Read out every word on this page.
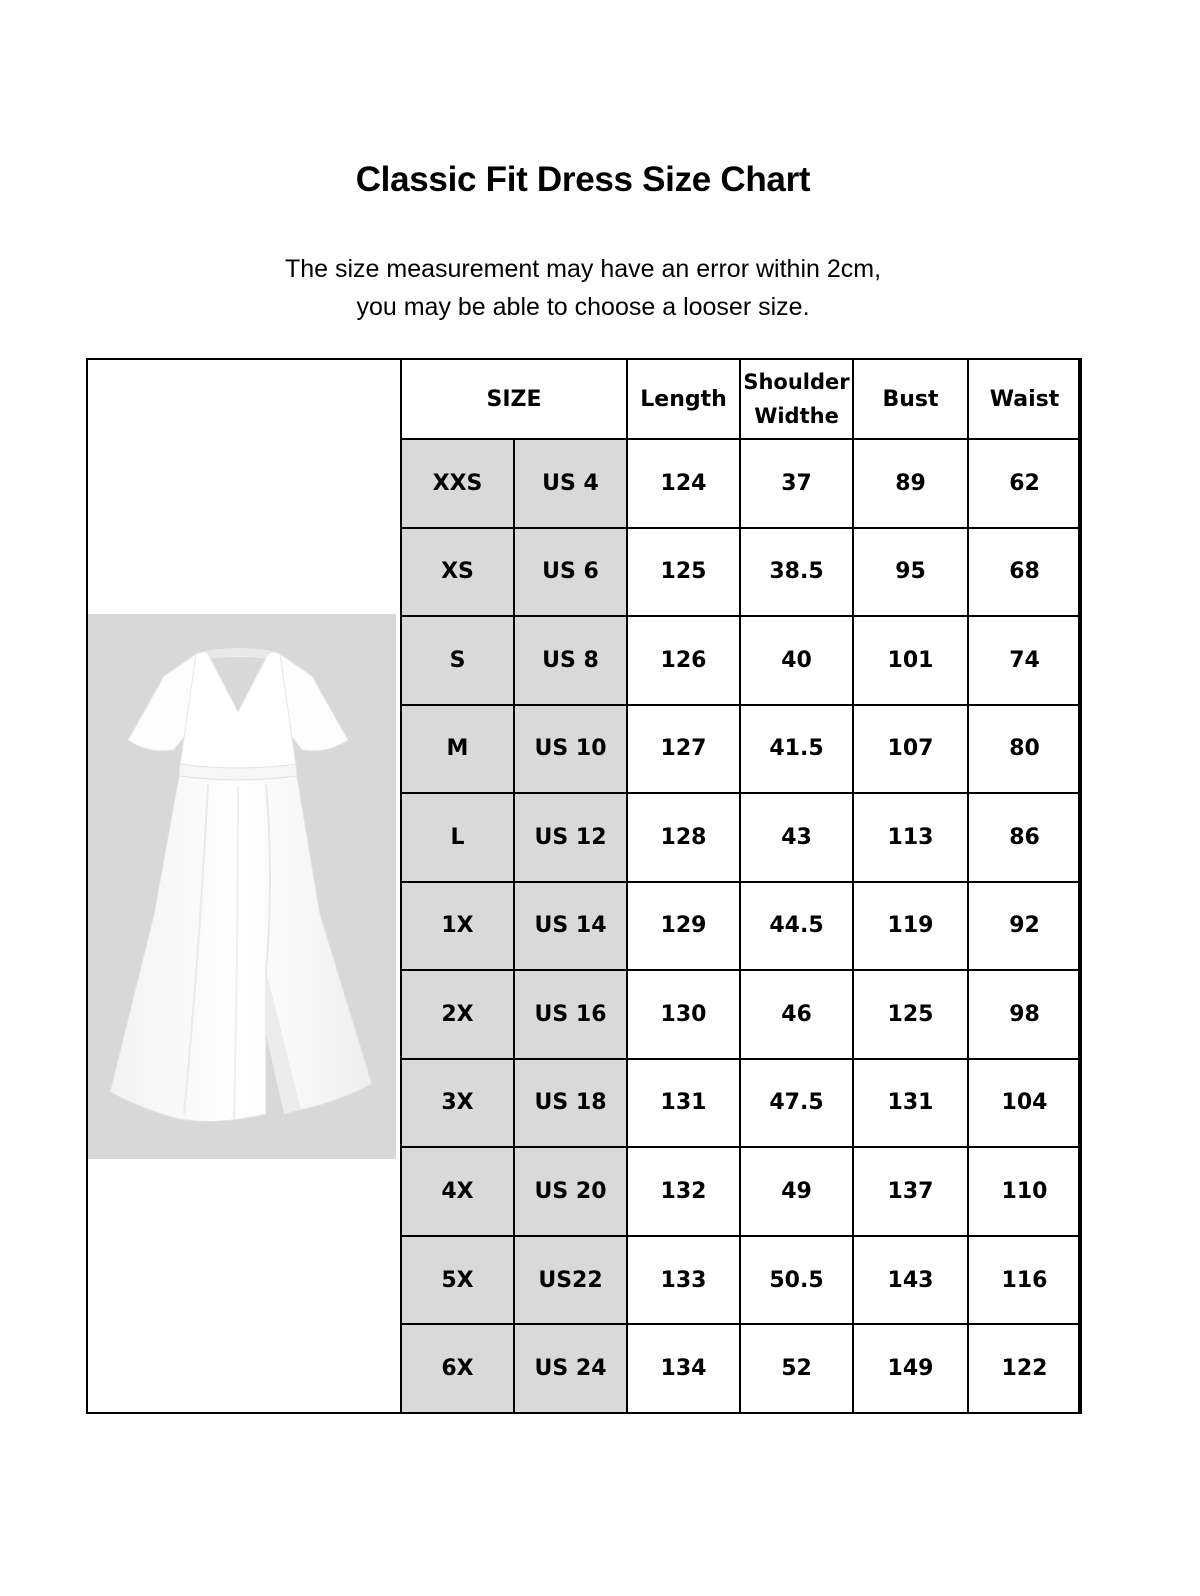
Classic Fit Dress Size Chart
The size measurement may have an error within 2cm,
you may be able to choose a looser size.
SIZE		Length	Shoulder
Widthe	Bust	Waist
XXS	US 4	124	37	89	62
XS	US 6	125	38.5	95	68
S	US 8	126	40	101	74
M	US 10	127	41.5	107	80
L	US 12	128	43	113	86
1X	US 14	129	44.5	119	92
2X	US 16	130	46	125	98
3X	US 18	131	47.5	131	104
4X	US 20	132	49	137	110
5X	US22	133	50.5	143	116
6X	US 24	134	52	149	122
